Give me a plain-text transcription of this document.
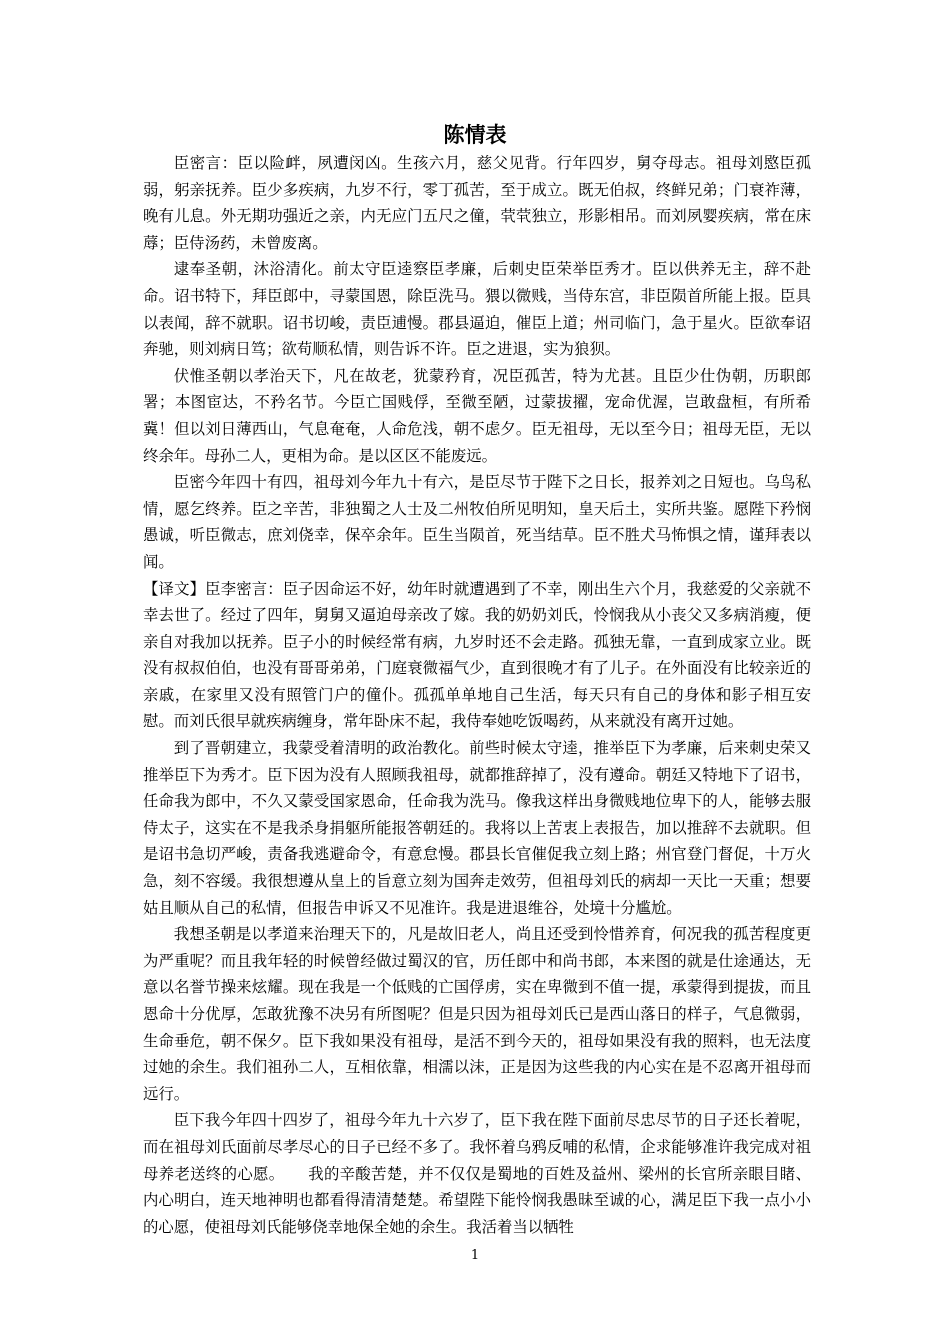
陈情表

臣密言：臣以险衅，夙遭闵凶。生孩六月，慈父见背。行年四岁，舅夺母志。祖母刘愍臣孤弱，躬亲抚养。臣少多疾病，九岁不行，零丁孤苦，至于成立。既无伯叔，终鲜兄弟；门衰祚薄，晚有儿息。外无期功强近之亲，内无应门五尺之僮，茕茕独立，形影相吊。而刘夙婴疾病，常在床蓐；臣侍汤药，未曾废离。

逮奉圣朝，沐浴清化。前太守臣逵察臣孝廉，后刺史臣荣举臣秀才。臣以供养无主，辞不赴命。诏书特下，拜臣郎中，寻蒙国恩，除臣洗马。猥以微贱，当侍东宫，非臣陨首所能上报。臣具以表闻，辞不就职。诏书切峻，责臣逋慢。郡县逼迫，催臣上道；州司临门，急于星火。臣欲奉诏奔驰，则刘病日笃；欲苟顺私情，则告诉不许。臣之进退，实为狼狈。

伏惟圣朝以孝治天下，凡在故老，犹蒙矜育，况臣孤苦，特为尤甚。且臣少仕伪朝，历职郎署；本图宦达，不矜名节。今臣亡国贱俘，至微至陋，过蒙拔擢，宠命优渥，岂敢盘桓，有所希冀！但以刘日薄西山，气息奄奄，人命危浅，朝不虑夕。臣无祖母，无以至今日；祖母无臣，无以终余年。母孙二人，更相为命。是以区区不能废远。

臣密今年四十有四，祖母刘今年九十有六，是臣尽节于陛下之日长，报养刘之日短也。乌鸟私情，愿乞终养。臣之辛苦，非独蜀之人士及二州牧伯所见明知，皇天后土，实所共鉴。愿陛下矜悯愚诚，听臣微志，庶刘侥幸，保卒余年。臣生当陨首，死当结草。臣不胜犬马怖惧之情，谨拜表以闻。

【译文】臣李密言：臣子因命运不好，幼年时就遭遇到了不幸，刚出生六个月，我慈爱的父亲就不幸去世了。经过了四年，舅舅又逼迫母亲改了嫁。我的奶奶刘氏，怜悯我从小丧父又多病消瘦，便亲自对我加以抚养。臣子小的时候经常有病，九岁时还不会走路。孤独无靠，一直到成家立业。既没有叔叔伯伯，也没有哥哥弟弟，门庭衰微福气少，直到很晚才有了儿子。在外面没有比较亲近的亲戚，在家里又没有照管门户的僮仆。孤孤单单地自己生活，每天只有自己的身体和影子相互安慰。而刘氏很早就疾病缠身，常年卧床不起，我侍奉她吃饭喝药，从来就没有离开过她。

到了晋朝建立，我蒙受着清明的政治教化。前些时候太守逵，推举臣下为孝廉，后来刺史荣又推举臣下为秀才。臣下因为没有人照顾我祖母，就都推辞掉了，没有遵命。朝廷又特地下了诏书，任命我为郎中，不久又蒙受国家恩命，任命我为洗马。像我这样出身微贱地位卑下的人，能够去服侍太子，这实在不是我杀身捐躯所能报答朝廷的。我将以上苦衷上表报告，加以推辞不去就职。但是诏书急切严峻，责备我逃避命令，有意怠慢。郡县长官催促我立刻上路；州官登门督促，十万火急，刻不容缓。我很想遵从皇上的旨意立刻为国奔走效劳，但祖母刘氏的病却一天比一天重；想要姑且顺从自己的私情，但报告申诉又不见准许。我是进退维谷，处境十分尴尬。

我想圣朝是以孝道来治理天下的，凡是故旧老人，尚且还受到怜惜养育，何况我的孤苦程度更为严重呢？而且我年轻的时候曾经做过蜀汉的官，历任郎中和尚书郎，本来图的就是仕途通达，无意以名誉节操来炫耀。现在我是一个低贱的亡国俘虏，实在卑微到不值一提，承蒙得到提拔，而且恩命十分优厚，怎敢犹豫不决另有所图呢？但是只因为祖母刘氏已是西山落日的样子，气息微弱，生命垂危，朝不保夕。臣下我如果没有祖母，是活不到今天的，祖母如果没有我的照料，也无法度过她的余生。我们祖孙二人，互相依靠，相濡以沫，正是因为这些我的内心实在是不忍离开祖母而远行。

臣下我今年四十四岁了，祖母今年九十六岁了，臣下我在陛下面前尽忠尽节的日子还长着呢，而在祖母刘氏面前尽孝尽心的日子已经不多了。我怀着乌鸦反哺的私情，企求能够准许我完成对祖母养老送终的心愿。　　我的辛酸苦楚，并不仅仅是蜀地的百姓及益州、梁州的长官所亲眼目睹、内心明白，连天地神明也都看得清清楚楚。希望陛下能怜悯我愚昧至诚的心，满足臣下我一点小小的心愿，使祖母刘氏能够侥幸地保全她的余生。我活着当以牺牲

1
